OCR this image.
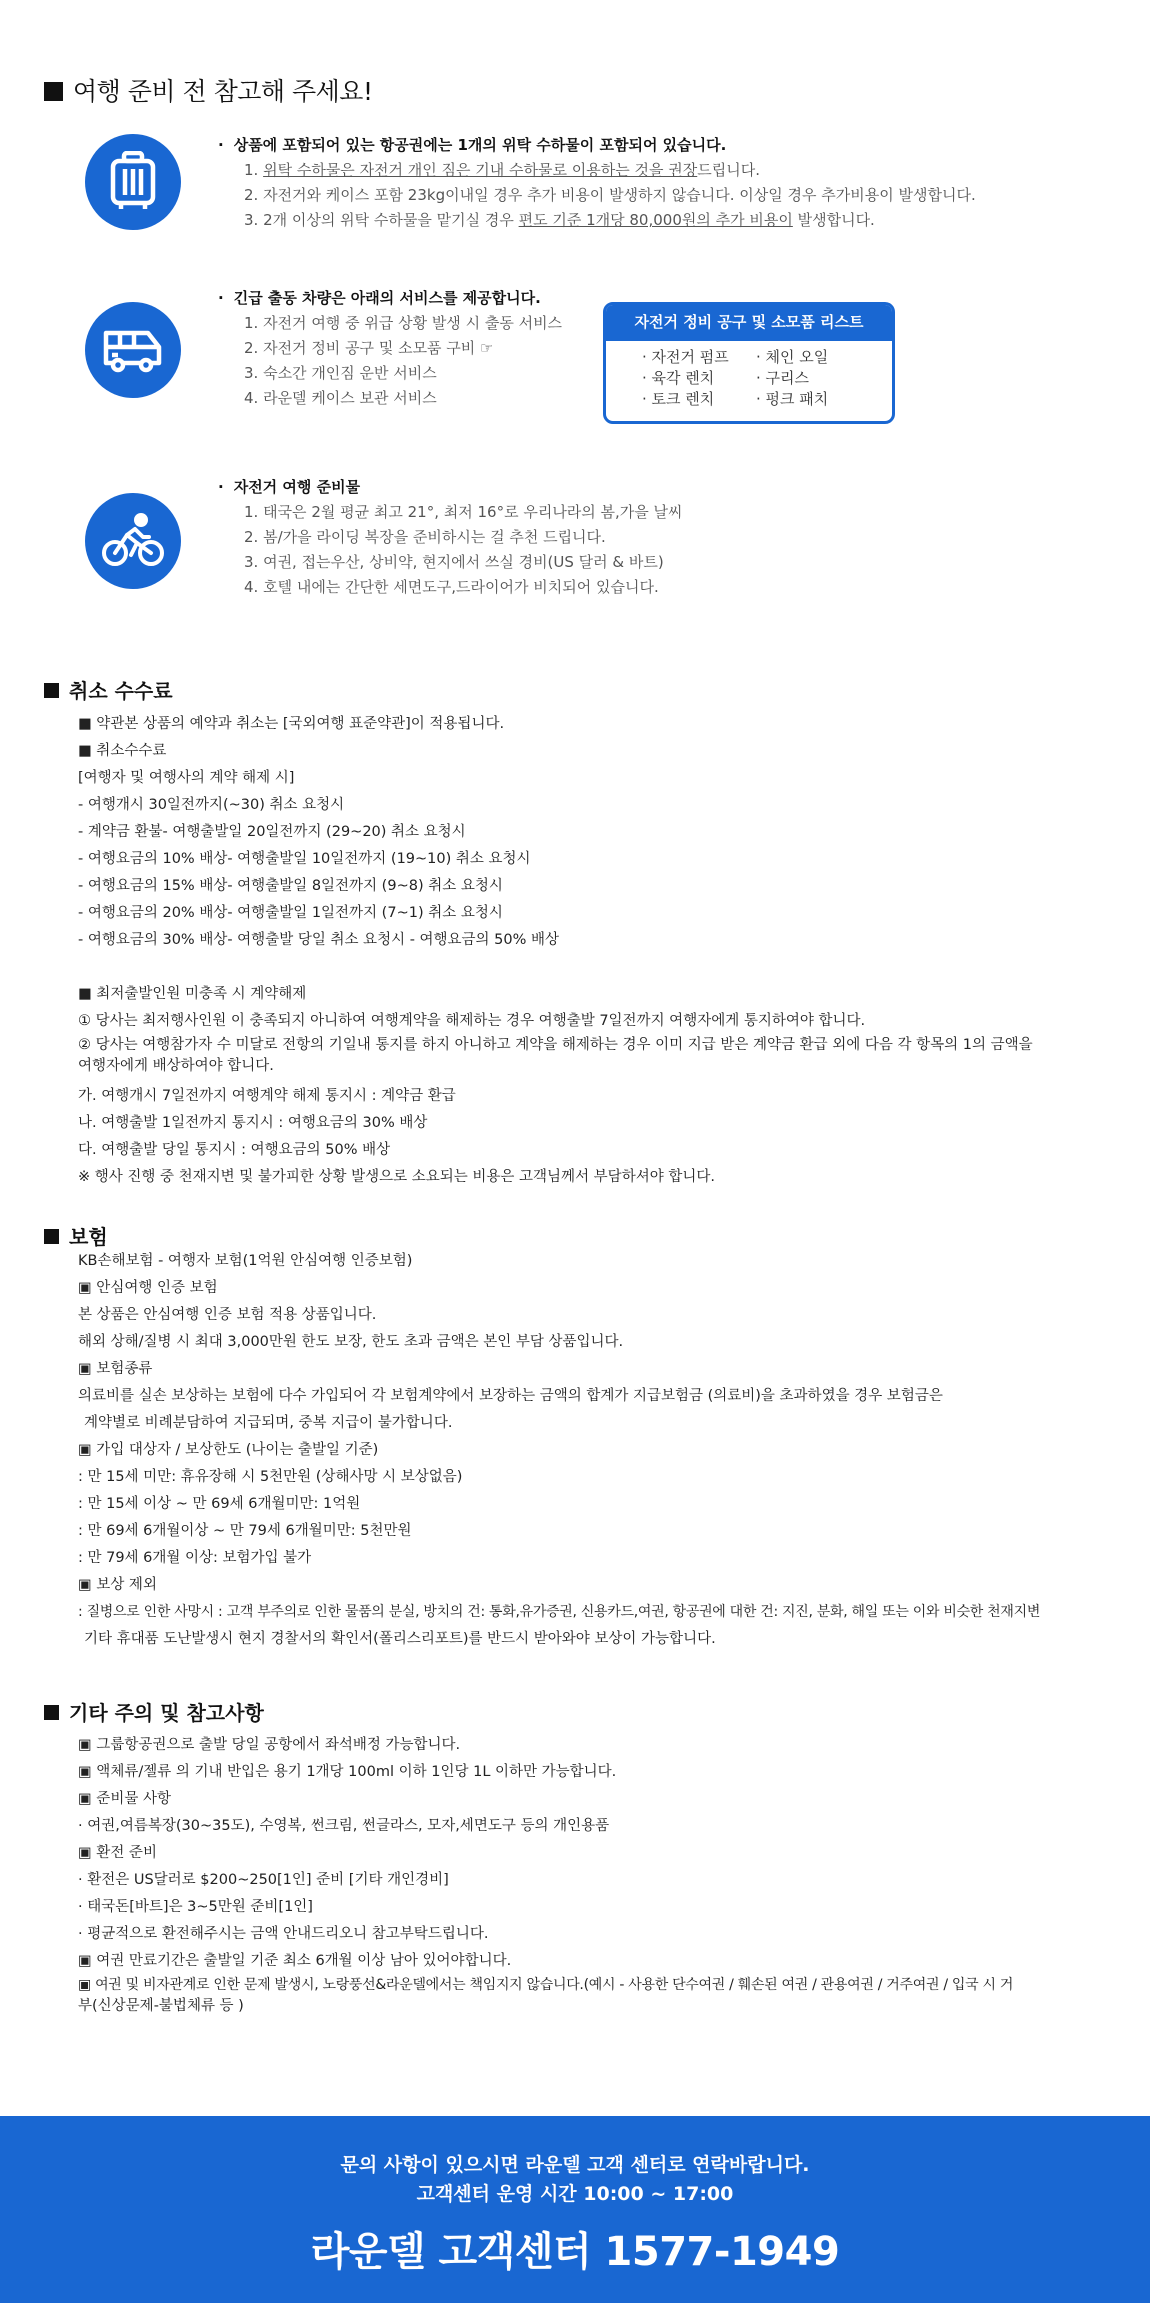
여행 준비 전 참고해 주세요!
· 상품에 포함되어 있는 항공권에는 1개의 위탁 수하물이 포함되어 있습니다.
1. 위탁 수하물은 자전거 개인 짐은 기내 수하물로 이용하는 것을 권장드립니다.
2. 자전거와 케이스 포함 23kg이내일 경우 추가 비용이 발생하지 않습니다. 이상일 경우 추가비용이 발생합니다.
3. 2개 이상의 위탁 수하물을 맡기실 경우 편도 기준 1개당 80,000원의 추가 비용이 발생합니다.
· 긴급 출동 차량은 아래의 서비스를 제공합니다.
1. 자전거 여행 중 위급 상황 발생 시 출동 서비스
2. 자전거 정비 공구 및 소모품 구비 ☞
3. 숙소간 개인짐 운반 서비스
4. 라운델 케이스 보관 서비스
자전거 정비 공구 및 소모품 리스트
· 자전거 펌프	· 체인 오일
· 육각 렌치	· 구리스
· 토크 렌치	· 펑크 패치
· 자전거 여행 준비물
1. 태국은 2월 평균 최고 21°, 최저 16°로 우리나라의 봄,가을 날씨
2. 봄/가을 라이딩 복장을 준비하시는 걸 추천 드립니다.
3. 여권, 접는우산, 상비약, 현지에서 쓰실 경비(US 달러 & 바트)
4. 호텔 내에는 간단한 세면도구,드라이어가 비치되어 있습니다.
취소 수수료
■ 약관본 상품의 예약과 취소는 [국외여행 표준약관]이 적용됩니다.
■ 취소수수료
[여행자 및 여행사의 계약 해제 시]
- 여행개시 30일전까지(~30) 취소 요청시
- 계약금 환불- 여행출발일 20일전까지 (29~20) 취소 요청시
- 여행요금의 10% 배상- 여행출발일 10일전까지 (19~10) 취소 요청시
- 여행요금의 15% 배상- 여행출발일 8일전까지 (9~8) 취소 요청시
- 여행요금의 20% 배상- 여행출발일 1일전까지 (7~1) 취소 요청시
- 여행요금의 30% 배상- 여행출발 당일 취소 요청시 - 여행요금의 50% 배상
■ 최저출발인원 미충족 시 계약해제
① 당사는 최저행사인원 이 충족되지 아니하여 여행계약을 해제하는 경우 여행출발 7일전까지 여행자에게 통지하여야 합니다.
② 당사는 여행참가자 수 미달로 전항의 기일내 통지를 하지 아니하고 계약을 해제하는 경우 이미 지급 받은 계약금 환급 외에 다음 각 항목의 1의 금액을
여행자에게 배상하여야 합니다.
가. 여행개시 7일전까지 여행계약 해제 통지시 : 계약금 환급
나. 여행출발 1일전까지 통지시 : 여행요금의 30% 배상
다. 여행출발 당일 통지시 : 여행요금의 50% 배상
※ 행사 진행 중 천재지변 및 불가피한 상황 발생으로 소요되는 비용은 고객님께서 부담하셔야 합니다.
보험
KB손해보험 - 여행자 보험(1억원 안심여행 인증보험)
▣ 안심여행 인증 보험
본 상품은 안심여행 인증 보험 적용 상품입니다.
해외 상해/질병 시 최대 3,000만원 한도 보장, 한도 초과 금액은 본인 부담 상품입니다.
▣ 보험종류
의료비를 실손 보상하는 보험에 다수 가입되어 각 보험계약에서 보장하는 금액의 합계가 지급보험금 (의료비)을 초과하였을 경우 보험금은
계약별로 비례분담하여 지급되며, 중복 지급이 불가합니다.
▣ 가입 대상자 / 보상한도 (나이는 출발일 기준)
: 만 15세 미만: 휴유장해 시 5천만원 (상해사망 시 보상없음)
: 만 15세 이상 ~ 만 69세 6개월미만: 1억원
: 만 69세 6개월이상 ~ 만 79세 6개월미만: 5천만원
: 만 79세 6개월 이상: 보험가입 불가
▣ 보상 제외
: 질병으로 인한 사망시 : 고객 부주의로 인한 물품의 분실, 방치의 건: 통화,유가증권, 신용카드,여권, 항공권에 대한 건: 지진, 분화, 해일 또는 이와 비슷한 천재지변
기타 휴대품 도난발생시 현지 경찰서의 확인서(폴리스리포트)를 반드시 받아와야 보상이 가능합니다.
기타 주의 및 참고사항
▣ 그룹항공권으로 출발 당일 공항에서 좌석배정 가능합니다.
▣ 액체류/젤류 의 기내 반입은 용기 1개당 100ml 이하 1인당 1L 이하만 가능합니다.
▣ 준비물 사항
· 여권,여름복장(30~35도), 수영복, 썬크림, 썬글라스, 모자,세면도구 등의 개인용품
▣ 환전 준비
· 환전은 US달러로 $200~250[1인] 준비 [기타 개인경비]
· 태국돈[바트]은 3~5만원 준비[1인]
· 평균적으로 환전해주시는 금액 안내드리오니 참고부탁드립니다.
▣ 여권 만료기간은 출발일 기준 최소 6개월 이상 남아 있어야합니다.
▣ 여권 및 비자관계로 인한 문제 발생시, 노랑풍선&라운델에서는 책임지지 않습니다.(예시 - 사용한 단수여권 / 훼손된 여권 / 관용여권 / 거주여권 / 입국 시 거
부(신상문제-불법체류 등 )
문의 사항이 있으시면 라운델 고객 센터로 연락바랍니다.
고객센터 운영 시간 10:00 ~ 17:00
라운델 고객센터 1577-1949
